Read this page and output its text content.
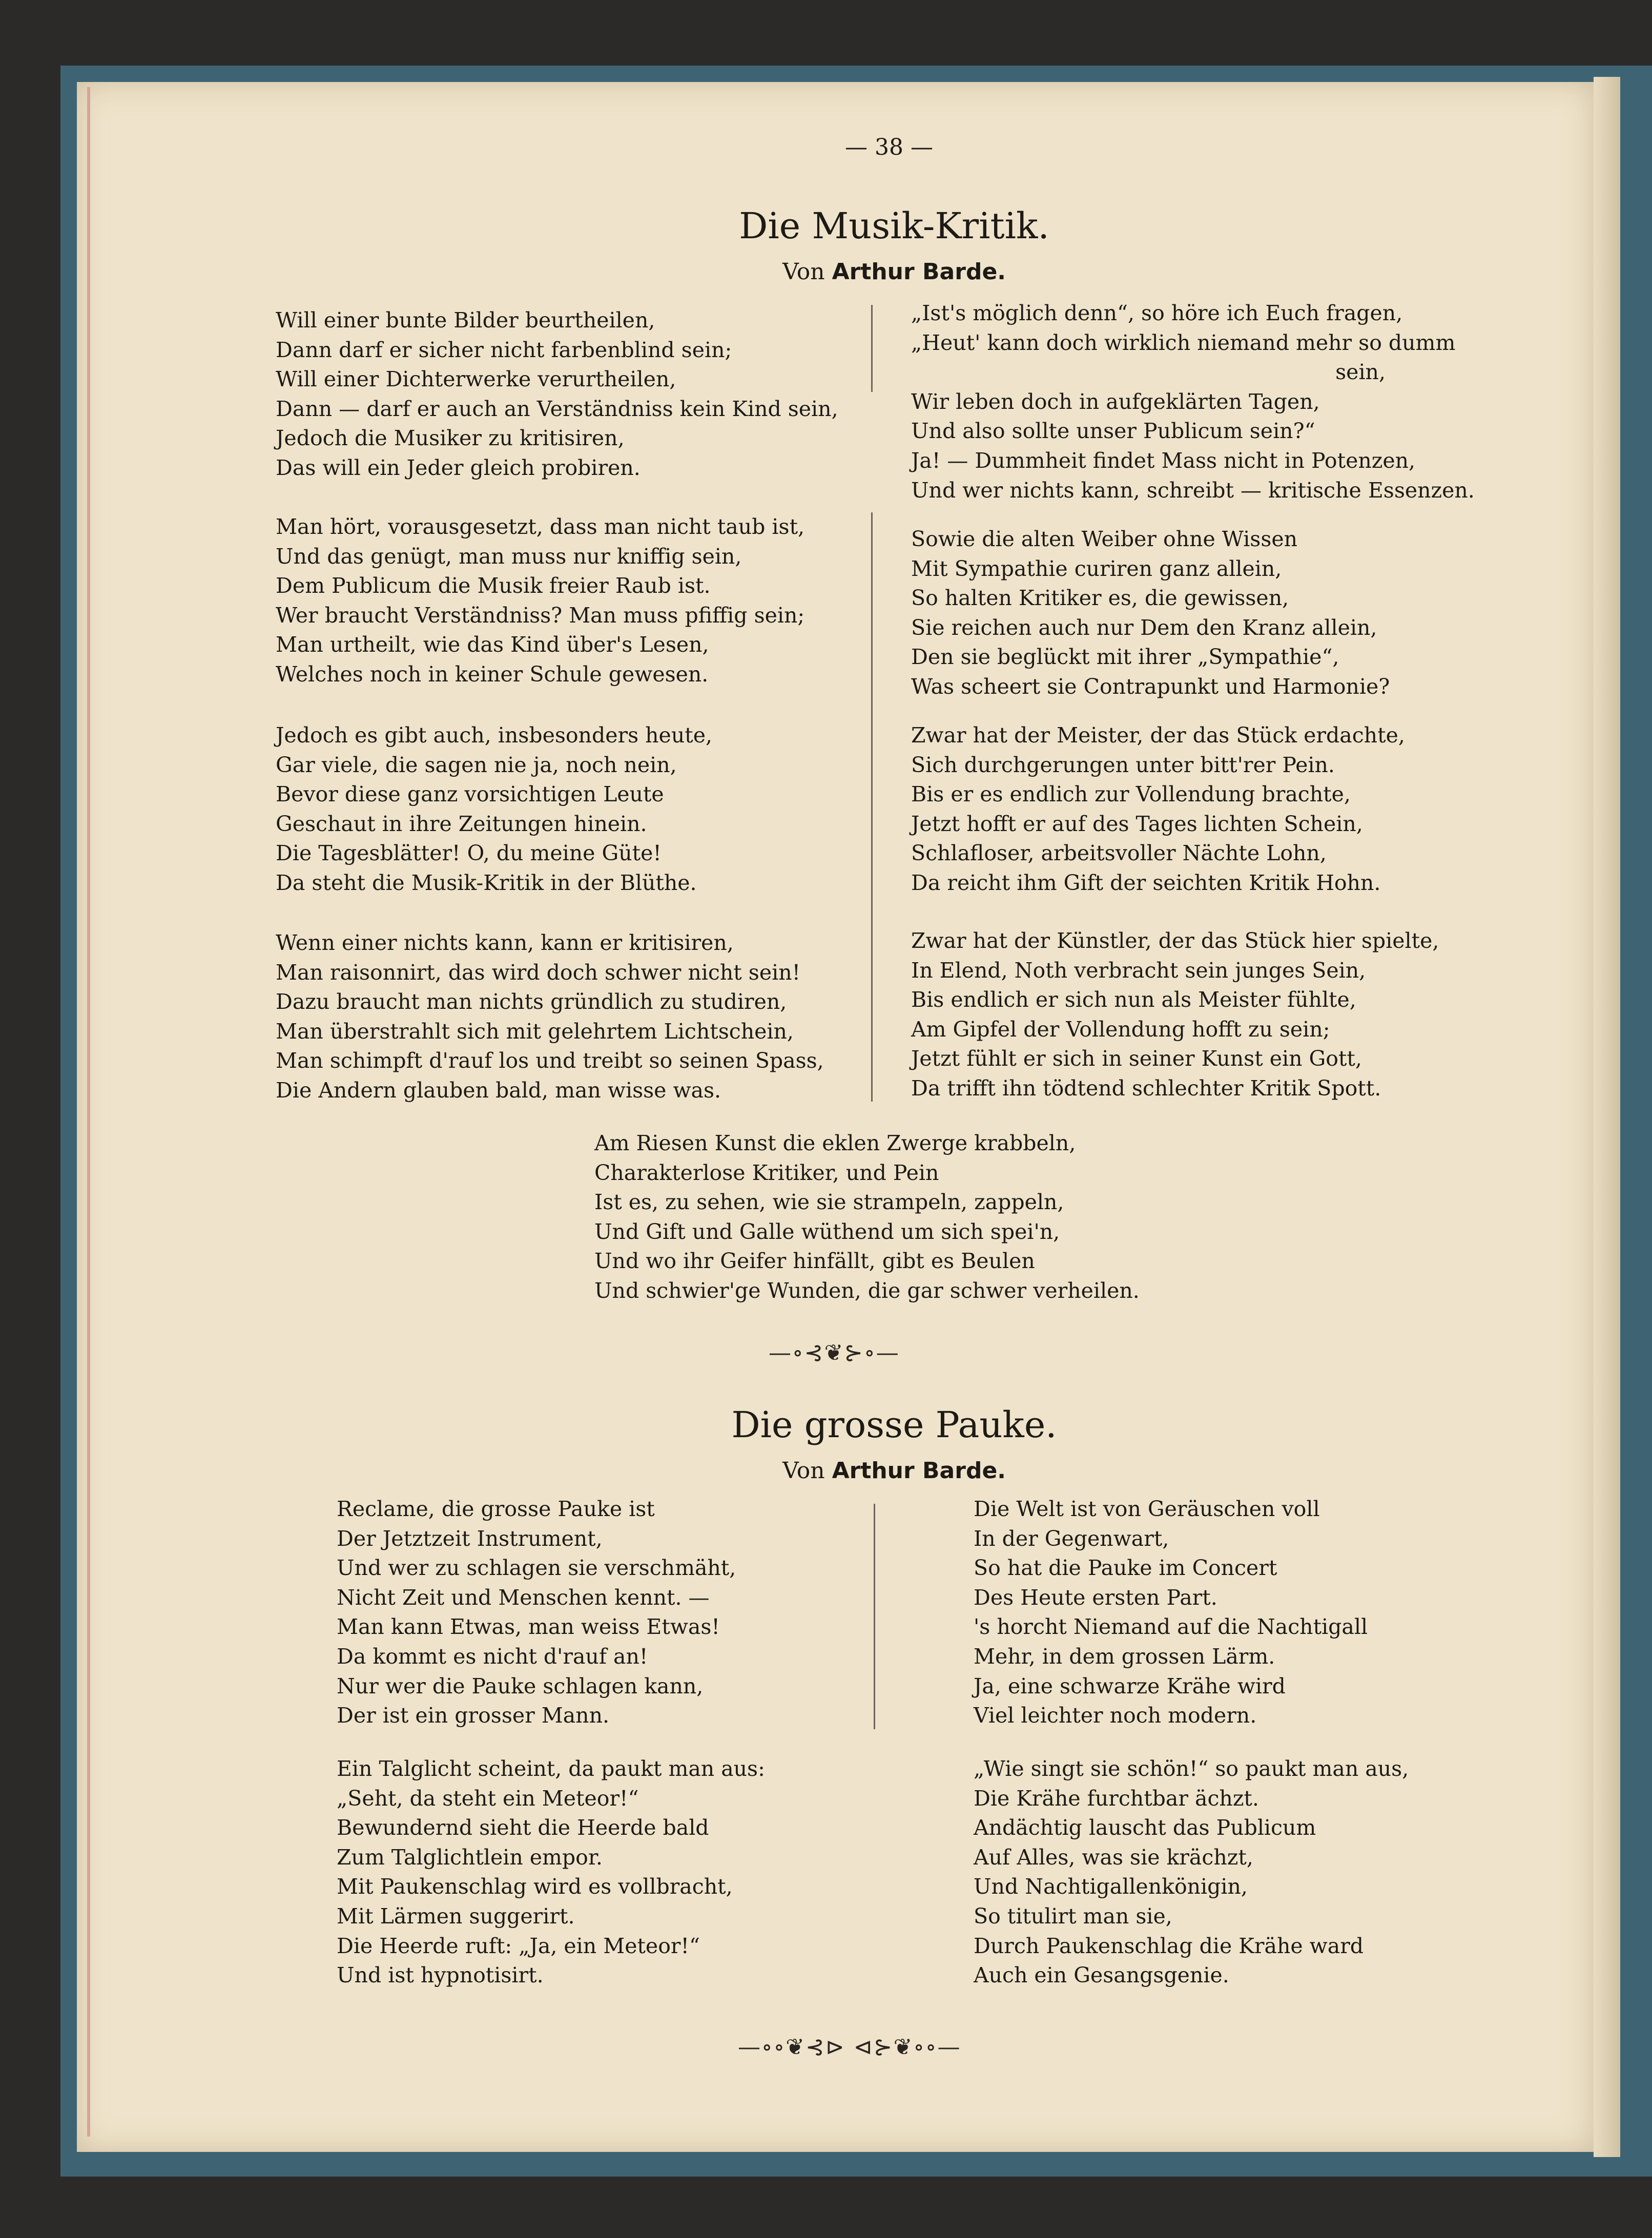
— 38 —
Die Musik-Kritik.
Von Arthur Barde.
Will einer bunte Bilder beurtheilen,
Dann darf er sicher nicht farbenblind sein;
Will einer Dichterwerke verurtheilen,
Dann — darf er auch an Verständniss kein Kind sein,
Jedoch die Musiker zu kritisiren,
Das will ein Jeder gleich probiren.
Man hört, vorausgesetzt, dass man nicht taub ist,
Und das genügt, man muss nur kniffig sein,
Dem Publicum die Musik freier Raub ist.
Wer braucht Verständniss? Man muss pfiffig sein;
Man urtheilt, wie das Kind über's Lesen,
Welches noch in keiner Schule gewesen.
Jedoch es gibt auch, insbesonders heute,
Gar viele, die sagen nie ja, noch nein,
Bevor diese ganz vorsichtigen Leute
Geschaut in ihre Zeitungen hinein.
Die Tagesblätter! O, du meine Güte!
Da steht die Musik-Kritik in der Blüthe.
Wenn einer nichts kann, kann er kritisiren,
Man raisonnirt, das wird doch schwer nicht sein!
Dazu braucht man nichts gründlich zu studiren,
Man überstrahlt sich mit gelehrtem Lichtschein,
Man schimpft d'rauf los und treibt so seinen Spass,
Die Andern glauben bald, man wisse was.
„Ist's möglich denn“, so höre ich Euch fragen,
„Heut' kann doch wirklich niemand mehr so dumm
sein,
Wir leben doch in aufgeklärten Tagen,
Und also sollte unser Publicum sein?“
Ja! — Dummheit findet Mass nicht in Potenzen,
Und wer nichts kann, schreibt — kritische Essenzen.
Sowie die alten Weiber ohne Wissen
Mit Sympathie curiren ganz allein,
So halten Kritiker es, die gewissen,
Sie reichen auch nur Dem den Kranz allein,
Den sie beglückt mit ihrer „Sympathie“,
Was scheert sie Contrapunkt und Harmonie?
Zwar hat der Meister, der das Stück erdachte,
Sich durchgerungen unter bitt'rer Pein.
Bis er es endlich zur Vollendung brachte,
Jetzt hofft er auf des Tages lichten Schein,
Schlafloser, arbeitsvoller Nächte Lohn,
Da reicht ihm Gift der seichten Kritik Hohn.
Zwar hat der Künstler, der das Stück hier spielte,
In Elend, Noth verbracht sein junges Sein,
Bis endlich er sich nun als Meister fühlte,
Am Gipfel der Vollendung hofft zu sein;
Jetzt fühlt er sich in seiner Kunst ein Gott,
Da trifft ihn tödtend schlechter Kritik Spott.
Am Riesen Kunst die eklen Zwerge krabbeln,
Charakterlose Kritiker, und Pein
Ist es, zu sehen, wie sie strampeln, zappeln,
Und Gift und Galle wüthend um sich spei'n,
Und wo ihr Geifer hinfällt, gibt es Beulen
Und schwier'ge Wunden, die gar schwer verheilen.
—∘⊰❦⊱∘—
Die grosse Pauke.
Von Arthur Barde.
Reclame, die grosse Pauke ist
Der Jetztzeit Instrument,
Und wer zu schlagen sie verschmäht,
Nicht Zeit und Menschen kennt. —
Man kann Etwas, man weiss Etwas!
Da kommt es nicht d'rauf an!
Nur wer die Pauke schlagen kann,
Der ist ein grosser Mann.
Ein Talglicht scheint, da paukt man aus:
„Seht, da steht ein Meteor!“
Bewundernd sieht die Heerde bald
Zum Talglichtlein empor.
Mit Paukenschlag wird es vollbracht,
Mit Lärmen suggerirt.
Die Heerde ruft: „Ja, ein Meteor!“
Und ist hypnotisirt.
Die Welt ist von Geräuschen voll
In der Gegenwart,
So hat die Pauke im Concert
Des Heute ersten Part.
's horcht Niemand auf die Nachtigall
Mehr, in dem grossen Lärm.
Ja, eine schwarze Krähe wird
Viel leichter noch modern.
„Wie singt sie schön!“ so paukt man aus,
Die Krähe furchtbar ächzt.
Andächtig lauscht das Publicum
Auf Alles, was sie krächzt,
Und Nachtigallenkönigin,
So titulirt man sie,
Durch Paukenschlag die Krähe ward
Auch ein Gesangsgenie.
—∘∘❦⊰⊳ ⊲⊱❦∘∘—
